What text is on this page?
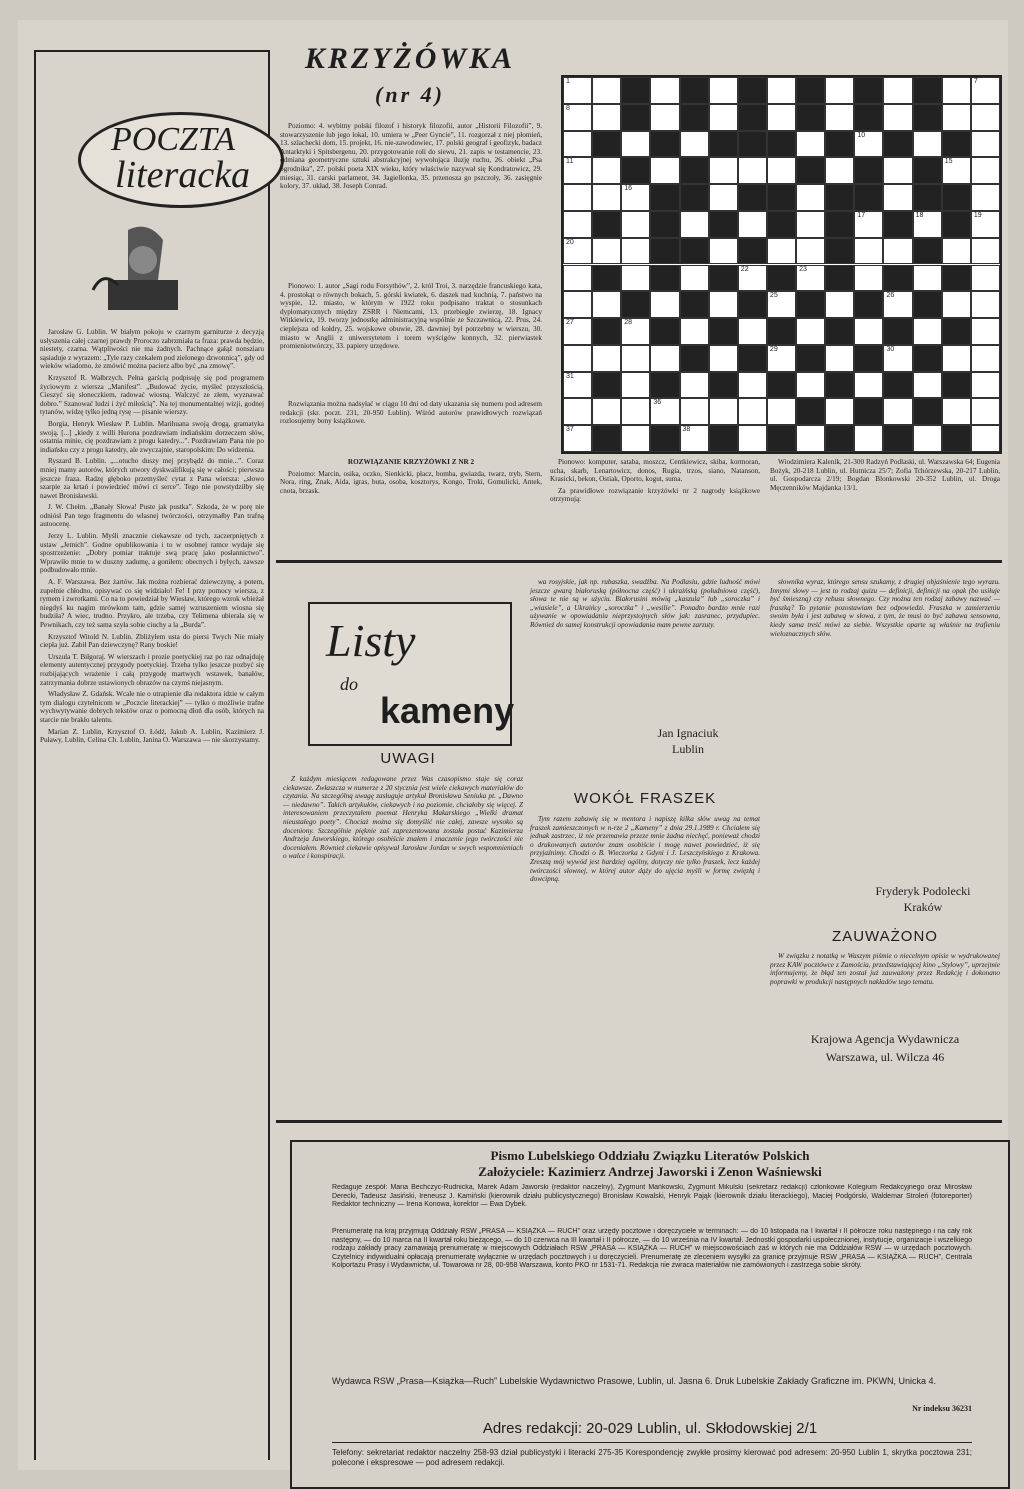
POCZTA
literacka

Jarosław G. Lublin. W białym pokoju w czarnym garniturze z decyzją usłyszenia całej czarnej prawdy Proroczo zabrzmiała ta fraza: prawda będzie, niestety, czarna. Wątpliwości nie ma żadnych. Pachnące gałąź nonsziaru sąsiaduje z wyrazem: „Tyle razy czekałem pod zielonego dzwonnicą”, gdy od wieków wiadomo, że zmówić można pacierz albo być „na zmowę”.

Krzysztof R. Wałbrzych. Pełna garścią podpisuję się pod programem życiowym z wiersza „Manifest”. „Budować życie, myśleć przyszłością. Cieszyć się słoneczkiem, radować wiosną. Walczyć ze złem, wyznawać dobro.” Szanować ludzi i żyć miłością”. Na tej monumentalnej wizji, godnej tytanów, widzę tylko jedną rysę — pisanie wierszy.

Borgia, Henryk Wiesław P. Lublin. Marihuana swoją drogą, gramatyka swoją. [...] „kiedy z willi Hurona pozdrawiam indiańskim dorzeczem słów, ostatnia minie, cię pozdrawiam z progu katedry...”. Pozdrawiam Pana nie po indiańsku czy z progu katedry, ale zwyczajnie, staropolskim: Do widzenia.

Ryszard B. Lublin. „...otucho duszy mej przybądź do mnie...”. Coraz mniej mamy autorów, których utwory dyskwalifikują się w całości; pierwsza jeszcze fraza. Radzę głęboko przemyśleć cytat z Pana wiersza: „słowo szarpie za krtań i powiedzieć mówi ci serce”. Tego nie powstydziłby się nawet Bronisławski.

J. W. Chełm. „Banały Słowa! Puste jak pustka”. Szkoda, że w porę nie odniósł Pan tego fragmentu do własnej twórczości, otrzymałby Pan trafną autoocenę.

Jerzy L. Lublin. Myśli znacznie ciekawsze od tych, zaczerpniętych z ustaw „Jetnich”. Godne opublikowania i to w osobnej ramce wydaje się spostrzeżenie: „Dobry pomiar traktuje swą pracę jako posłannictwo”. Wprawiło mnie to w duszny zadumę, a goniłem: obecnych i byłych, zawsze podbudowało mnie.

A. F. Warszawa. Bez żartów. Jak można rozbierać dziewczynę, a potem, zupełnie chłodno, opisywać co się widziało! Fe! I przy pomocy wiersza, z rymem i zwrotkami. Co na to powiedział by Wiesław, którego wzrok wbieżał niegdyś ku nagim mrówkom tam, gdzie samej wzruszeniem wiosna się budziła? A wiec, trudno. Przykro, ale trzeba, czy Telimena ubierała się w Pewnikach, czy też sama szyła sobie ciuchy a la „Burda”.

Krzysztof Witold N. Lublin. Zbliżyłem usta do piersi Twych Nie miały ciepła już. Zabił Pan dziewczynę? Rany boskie!

Urszula T. Biłgoraj. W wierszach i prozie poetyckiej raz po raz odnajduję elementy autentycznej przygody poetyckiej. Trzeba tylko jeszcze pozbyć się rozbijających wrażenie i całą przygodę martwych wstawek, banałów, zatrzymania dobrze ustawionych obrazów na czymś niejasnym.

Władysław Z. Gdańsk. Wcale nie o utrapienie dla redaktora idzie w całym tym dialogu czytelnicom w „Poczcie literackiej” — tylko o możliwie trafne wychwytywanie dobrych tekstów oraz o pomocną dłoń dla osób, których na starcie nie brakło talentu.

Marian Z. Lublin, Krzysztof O. Łódź, Jakub A. Lublin, Kazimierz J. Puławy, Lublin, Celina Ch. Lublin, Janina O. Warszawa — nie skorzystamy.

KRZYŻÓWKA
(nr 4)

Poziomo: 4. wybitny polski filozof i historyk filozofii, autor „Historii Filozofii”, 9. stowarzyszenie lub jego lokal, 10. umiera w „Peer Gyncie”, 11. rozgorzał z niej płomień, 13. szlachecki dom, 15. projekt, 16. nie-zawodowiec, 17. polski geograf i geofizyk, badacz Antarktyki i Spitsbergenu, 20. przygotowanie roli do siewu, 21. zapis w testamencie, 23. odmiana geometryczne sztuki abstrakcyjnej wywołująca iluzję ruchu, 26. obiekt „Psa ogrodnika”, 27. polski poeta XIX wieku, który właściwie nazywał się Kondratowicz, 29. miesiąc, 31. carski parlament, 34. Jagiellonka, 35. przenosza go pszczoły, 36. zasięgnie kolory, 37. układ, 38. Joseph Conrad.

Pionowo: 1. autor „Sagi rodu Forsythów”, 2. król Troi, 3. narzędzie francuskiego kata, 4. prostokąt o równych bokach, 5. górski kwiatek, 6. daszek nad kuchnią, 7. państwo na wyspie, 12. miasto, w którym w 1922 roku podpisano traktat o stosunkach dyplomatycznych między ZSRR i Niemcami, 13. przebiegłe zwierzę, 18. Ignacy Witkiewicz, 19. tworzy jednostkę administracyjną wspólnie ze Szczawnicą, 22. Prus, 24. cieplejsza od kołdry, 25. wojskowe obuwie, 28. dawniej był potrzebny w wierszu, 30. miasto w Anglii z uniwersytetem i torem wyścigów konnych, 32. pierwiastek promieniotwórczy, 33. papiery urzędowe.

Rozwiązania można nadsyłać w ciągu 10 dni od daty ukazania się numeru pod adresem redakcji (skr. poczt. 231, 20-950 Lublin). Wśród autorów prawidłowych rozwiązań rozlosujemy bony książkowe.

1	7
8
10
11	15
16
17	18	19
20
22	23
25	26
27	28
29	30
31
36
37	38

ROZWIĄZANIE KRZYŻÓWKI Z NR 2

Poziomo: Marcin, osika, oczko, Sienkicki, płacz, bomba, gwiazda, twarz, tryb, Stern, Nora, ring, Znak, Aida, igras, buta, osoba, kosztorys, Kongo, Troki, Gomulicki, Antek, cnota, brzask.

Pionowo: komputer, sataba, moszcz, Centkiewicz, skiba, kormoran, ucha, skarb, Lenartowicz, donos, Rugia, trzos, siano, Natanson, Krasicki, bekon, Ostiak, Oporto, kogut, suma.

Za prawidłowe rozwiązanie krzyżówki nr 2 nagrody książkowe otrzymują:

Wiodzimiera Kaleník, 21-300 Radzyń Podlaski, ul. Warszawska 64; Eugenia Bożyk, 20-218 Lublin, ul. Hutnicza 25/7; Zofia Tchórzewska, 20-217 Lublin, ul. Gospodarcza 2/19; Bogdan Blonkowski 20-352 Lublin, ul. Droga Męczenników Majdanka 13/1.

Listy
do
kameny
UWAGI

Z każdym miesiącem redagowane przez Was czasopismo staje się coraz ciekawsze. Zwłaszcza w numerze z 20 stycznia jest wiele ciekawych materiałów do czytania. Na szczególną uwagę zasługuje artykuł Bronisława Seniuka pt. „Dawno — niedawno”. Takich artykułów, ciekawych i na poziomie, chciałoby się więcej. Z interesowaniem przeczytałem poemat Henryka Makarskiego „Wielki dramat nieustałego poety”. Chociaż można się domyślić nie całej, zawsze wysoko są doceniony. Szczególnie pięknie zaś zaprezentowana została postać Kazimierza Andrzeja Jaworskiego, którego osobiście znałem i znaczenie jego twórczości nie doceniałem. Również ciekawie opisywał Jarosław Jordan w swych wspomnieniach o walce i konspiracji.

wa rosyjskie, jak np. rubaszka, swadźba. Na Podlasiu, gdzie ludność mówi jeszcze gwarą białoruską (północna część) i ukraińską (południowa część), słowa te nie są w użyciu. Białorusini mówią „kaszula” lub „soroczka” i „wiasiele”, a Ukraińcy „soroczka” i „wesilie”. Ponadto bardzo mnie razi używanie w opowiadaniu nieprzystojnych słów jak: zasranec, przydupiec. Również do samej konstrukcji opowiadania mam pewne zarzuty.

Jan Ignaciuk
Lublin
WOKÓŁ FRASZEK

Tym razem zabawię się w mentora i napiszę kilka słów uwag na temat fraszek zamieszczonych w n-rze 2 „Kameny” z dnia 29.1.1989 r. Chciałem się jednak zastrzec, iż nie przemawia przeze mnie żadna niechęć, ponieważ chodzi o drukowanych autorów znam osobiście i mogę nawet powiedzieć, iż się przyjaźnimy. Chodzi o B. Wieczorka z Gdyni i J. Leszczyńskiego z Krakowa. Zresztą mój wywód jest bardziej ogólny, dotyczy nie tylko fraszek, lecz każdej twórczości słownej, w której autor dąży do ujęcia myśli w formę zwięzłą i dowcipną.

słownika wyraz, którego sensu szukamy, z drugiej objaśnienie tego wyrazu. Innymi słowy — jest to rodzaj quizu — definicji, definicji na opak (bo usiłuje być śmieszną) czy rebusu słownego. Czy można ten rodzaj zabawy nazwać — fraszką? To pytanie pozostawiam bez odpowiedzi. Fraszka w zamierzeniu swoim była i jest zabawą w słowa, z tym, że musi to być zabawa sensowna, kiedy sama treść mówi za siebie. Wszystkie oparte są właśnie na trafieniu wieloznacznych słów.

Fryderyk Podolecki
Kraków
ZAUWAŻONO

W związku z notatką w Waszym piśmie o niecelnym opisie w wydrukowanej przez KAW pocztówce z Zamościa, przedstawiającej kino „Stylowy”, uprzejmie informujemy, że błąd ten został już zauważony przez Redakcję i dokonano poprawki w produkcji następnych nakładów tego tematu.

Krajowa Agencja Wydawnicza
Warszawa, ul. Wilcza 46
Pismo Lubelskiego Oddziału Związku Literatów Polskich
Założyciele: Kazimierz Andrzej Jaworski i Zenon Waśniewski
Redaguje zespół: Maria Bechczyc-Rudnicka, Marek Adam Jaworski (redaktor naczelny), Zygmunt Mańkowski, Zygmunt Mikulski (sekretarz redakcji) członkowie Kolegium Redakcyjnego oraz Mirosław Derecki, Tadeusz Jasiński, Ireneusz J. Kamiński (kierownik działu publicystycznego) Bronisław Kowalski, Henryk Pająk (kierownik działu literackiego), Maciej Podgórski, Waldemar Stroleń (fotoreporter) Redaktor techniczny — Irena Konowa, korektor — Ewa Dybek.
Prenumeratę na kraj przyjmują Oddziały RSW „PRASA — KSIĄŻKA — RUCH” oraz urzędy pocztowe i doręczyciele w terminach: — do 10 listopada na I kwartał i II półrocze roku następnego i na cały rok następny, — do 10 marca na II kwartał roku bieżącego, — do 10 czerwca na III kwartał i II półrocze, — do 10 września na IV kwartał. Jednostki gospodarki uspołecznionej, instytucje, organizacje i wszelkiego rodzaju zakłady pracy zamawiają prenumeratę w miejscowych Oddziałach RSW „PRASA — KSIĄŻKA — RUCH” w miejscowościach zaś w których nie ma Oddziałów RSW — w urzędach pocztowych. Czytelnicy indywidualni opłacają prenumeratę wyłącznie w urzędach pocztowych i u doręczycieli. Prenumeratę ze zleceniem wysyłki za granicę przyjmuje RSW „PRASA — KSIĄŻKA — RUCH”, Centrala Kolportażu Prasy i Wydawnictw, ul. Towarowa nr 28, 00-958 Warszawa, konto PKO nr 1531-71. Redakcja nie zwraca materiałów nie zamówionych i zastrzega sobie skróty.
Wydawca RSW „Prasa—Książka—Ruch” Lubelskie Wydawnictwo Prasowe, Lublin, ul. Jasna 6. Druk Lubelskie Zakłady Graficzne im. PKWN, Unicka 4.
Nr indeksu 36231
Adres redakcji: 20-029 Lublin, ul. Skłodowskiej 2/1
Telefony: sekretariat redaktor naczelny 258-93 dział publicystyki i literacki 275-35 Korespondencję zwykłe prosimy kierować pod adresem: 20-950 Lublin 1, skrytka pocztowa 231; polecone i ekspresowe — pod adresem redakcji.
